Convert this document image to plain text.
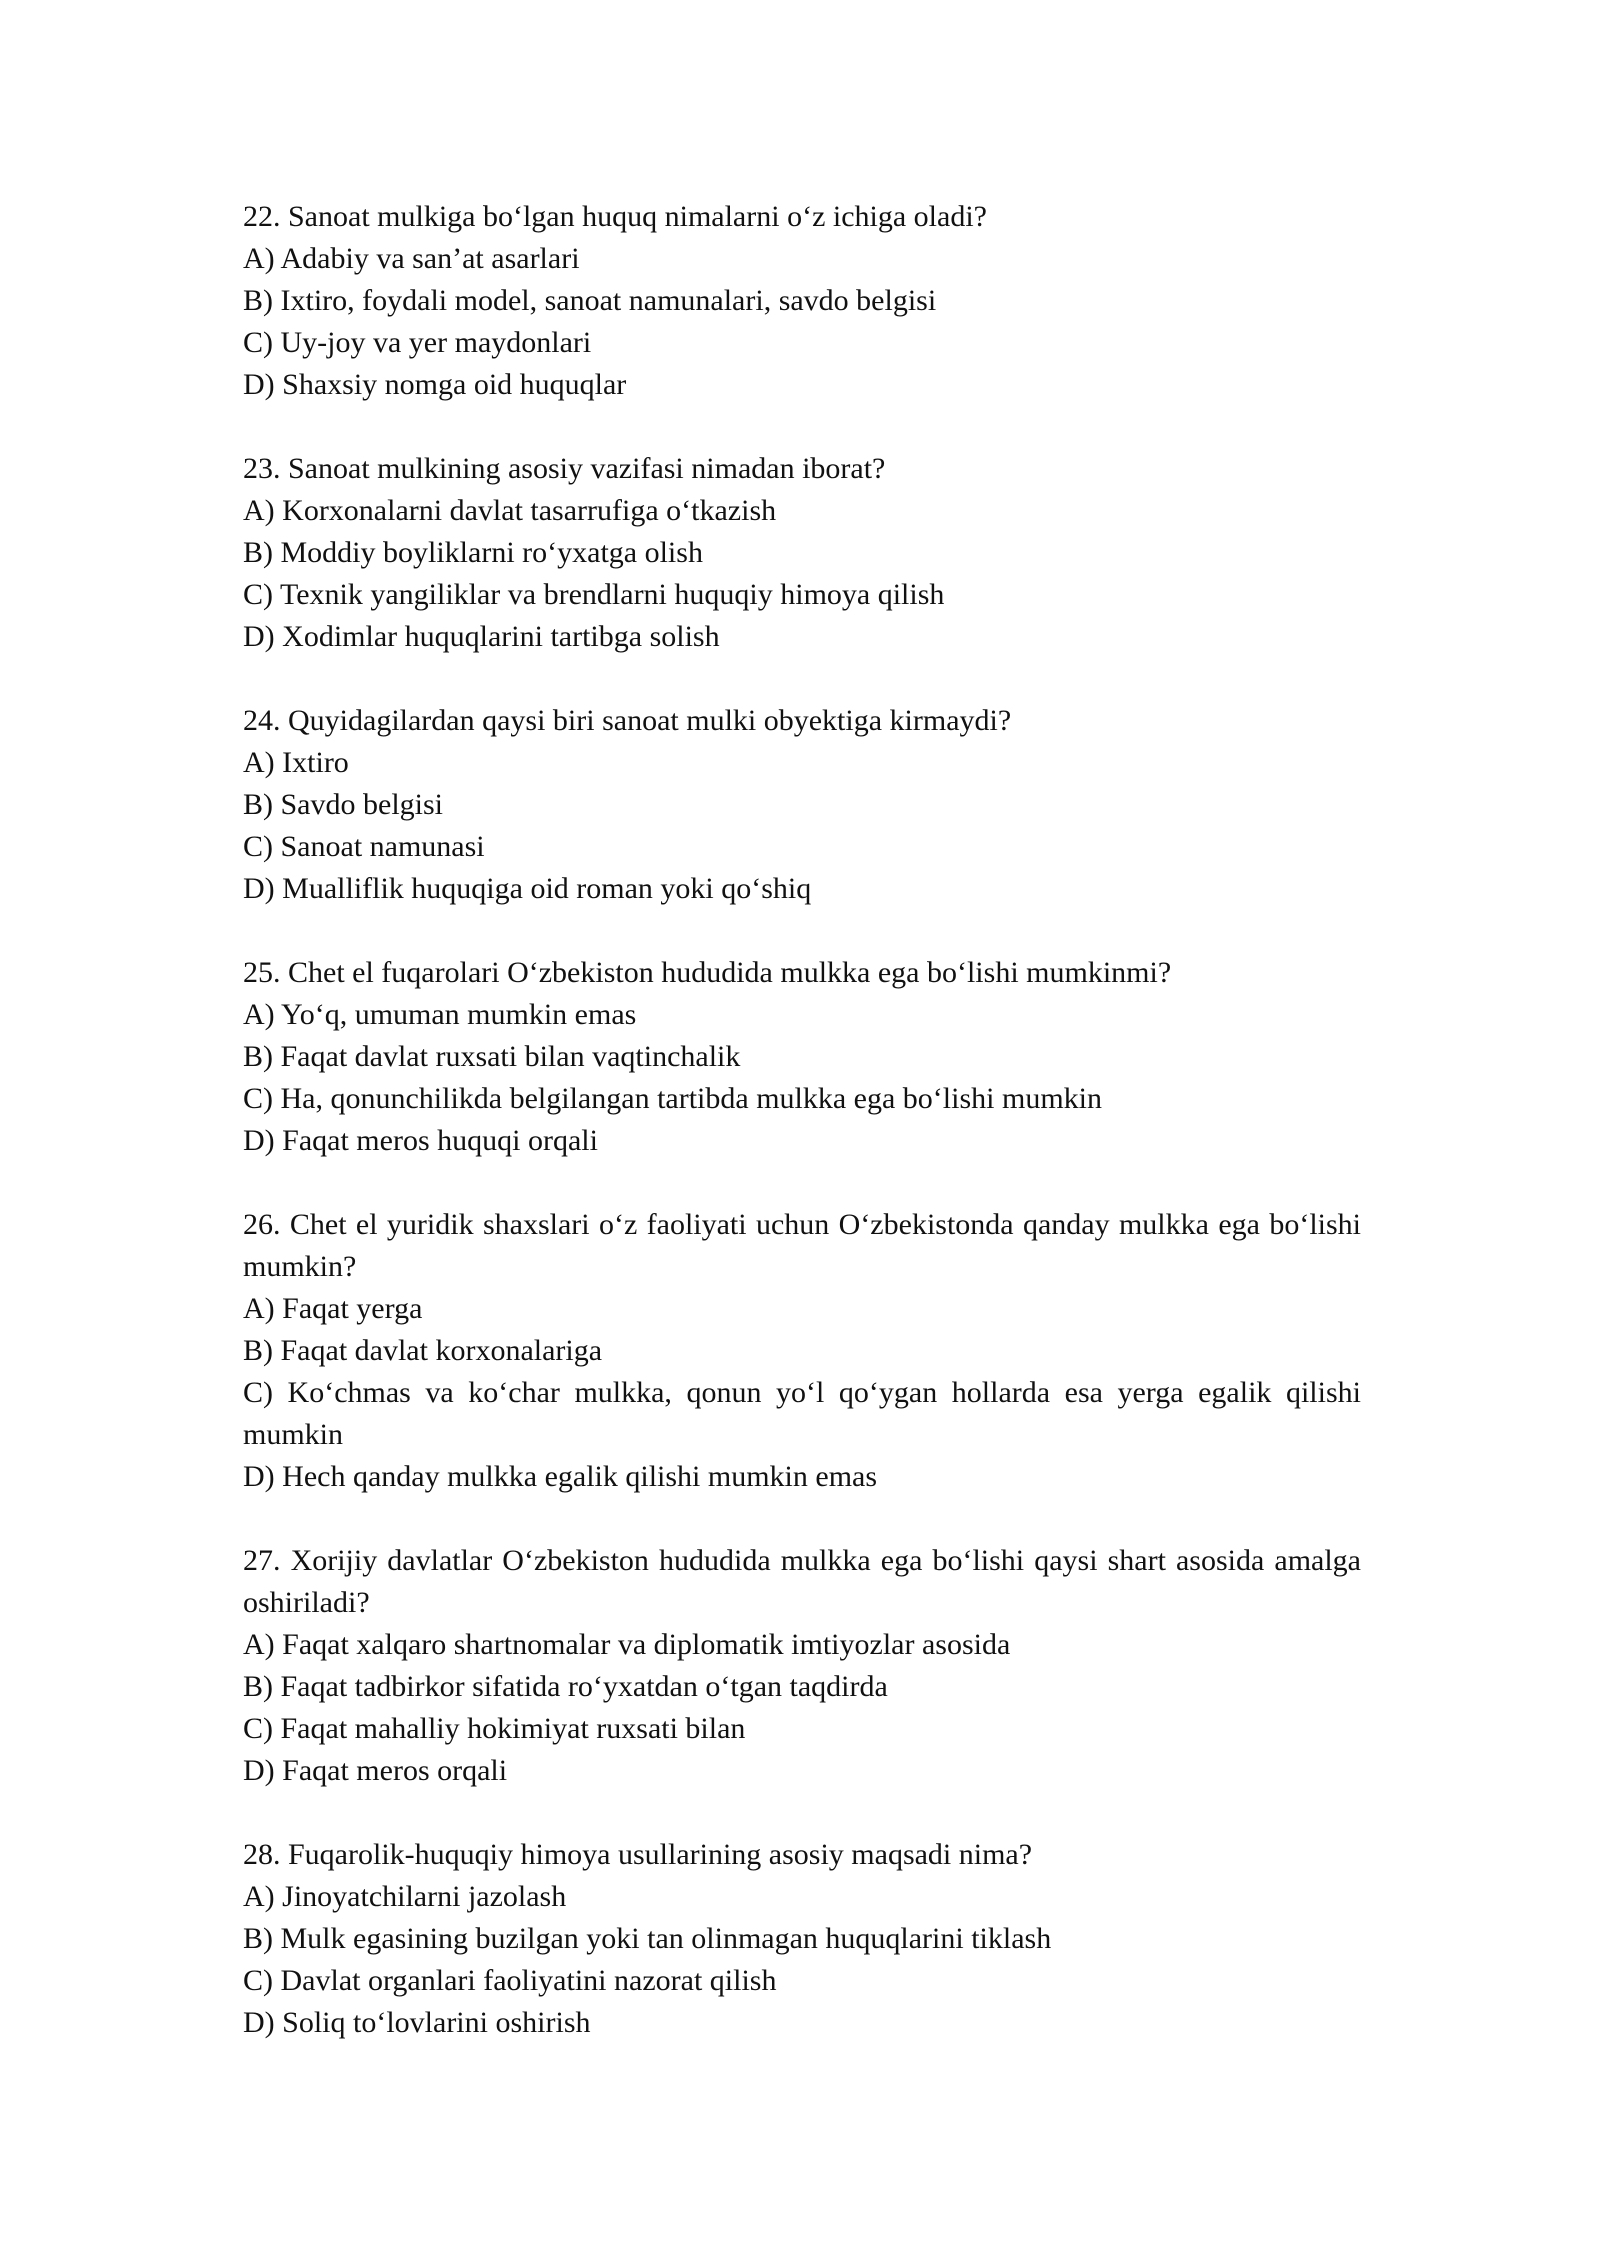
22. Sanoat mulkiga bo‘lgan huquq nimalarni o‘z ichiga oladi?
A) Adabiy va san’at asarlari
B) Ixtiro, foydali model, sanoat namunalari, savdo belgisi
C) Uy-joy va yer maydonlari
D) Shaxsiy nomga oid huquqlar
23. Sanoat mulkining asosiy vazifasi nimadan iborat?
A) Korxonalarni davlat tasarrufiga o‘tkazish
B) Moddiy boyliklarni ro‘yxatga olish
C) Texnik yangiliklar va brendlarni huquqiy himoya qilish
D) Xodimlar huquqlarini tartibga solish
24. Quyidagilardan qaysi biri sanoat mulki obyektiga kirmaydi?
A) Ixtiro
B) Savdo belgisi
C) Sanoat namunasi
D) Mualliflik huquqiga oid roman yoki qo‘shiq
25. Chet el fuqarolari O‘zbekiston hududida mulkka ega bo‘lishi mumkinmi?
A) Yo‘q, umuman mumkin emas
B) Faqat davlat ruxsati bilan vaqtinchalik
C) Ha, qonunchilikda belgilangan tartibda mulkka ega bo‘lishi mumkin
D) Faqat meros huquqi orqali
26. Chet el yuridik shaxslari o‘z faoliyati uchun O‘zbekistonda qanday mulkka ega bo‘lishi mumkin?
A) Faqat yerga
B) Faqat davlat korxonalariga
C) Ko‘chmas va ko‘char mulkka, qonun yo‘l qo‘ygan hollarda esa yerga egalik qilishi mumkin
D) Hech qanday mulkka egalik qilishi mumkin emas
27. Xorijiy davlatlar O‘zbekiston hududida mulkka ega bo‘lishi qaysi shart asosida amalga oshiriladi?
A) Faqat xalqaro shartnomalar va diplomatik imtiyozlar asosida
B) Faqat tadbirkor sifatida ro‘yxatdan o‘tgan taqdirda
C) Faqat mahalliy hokimiyat ruxsati bilan
D) Faqat meros orqali
28. Fuqarolik-huquqiy himoya usullarining asosiy maqsadi nima?
A) Jinoyatchilarni jazolash
B) Mulk egasining buzilgan yoki tan olinmagan huquqlarini tiklash
C) Davlat organlari faoliyatini nazorat qilish
D) Soliq to‘lovlarini oshirish
